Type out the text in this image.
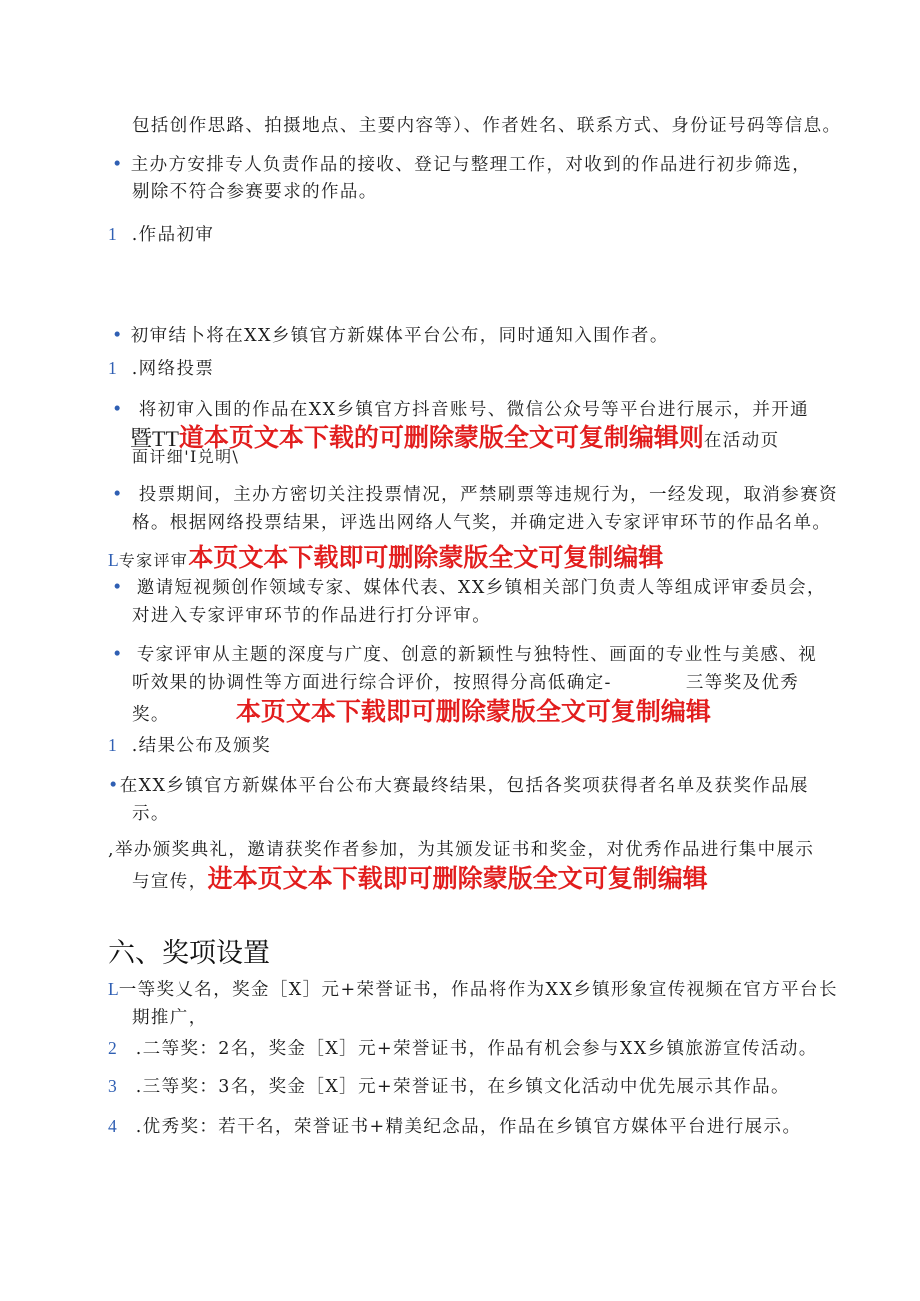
包括创作思路、拍摄地点、主要内容等）、作者姓名、联系方式、身份证号码等信息。
• 主办方安排专人负责作品的接收、登记与整理工作，对收到的作品进行初步筛选，
剔除不符合参赛要求的作品。
1 .作品初审
• 初审结卜将在XX乡镇官方新媒体平台公布，同时通知入围作者。
1 .网络投票
• 将初审入围的作品在XX乡镇官方抖音账号、微信公众号等平台进行展示，并开通
暨TT道本页文本下载的可删除蒙版全文可复制编辑则在活动页
面讦细'I兑明\
• 投票期间，主办方密切关注投票情况，严禁刷票等违规行为，一经发现，取消参赛资
格。根据网络投票结果，评选出网络人气奖，并确定进入专家评审环节的作品名单。
L专家评审本页文本下载即可删除蒙版全文可复制编辑
• 邀请短视频创作领域专家、媒体代表、XX乡镇相关部门负责人等组成评审委员会，
对进入专家评审环节的作品进行打分评审。
• 专家评审从主题的深度与广度、创意的新颖性与独特性、画面的专业性与美感、视
听效果的协调性等方面进行综合评价，按照得分高低确定-	三等奖及优秀
奖。	本页文本下载即可删除蒙版全文可复制编辑
1 .结果公布及颁奖
•在XX乡镇官方新媒体平台公布大赛最终结果，包括各奖项获得者名单及获奖作品展
示。
,举办颁奖典礼，邀请获奖作者参加，为其颁发证书和奖金，对优秀作品进行集中展示
与宣传，进本页文本下载即可删除蒙版全文可复制编辑
六、奖项设置
L一等奖乂名，奖金［X］元+荣誉证书，作品将作为XX乡镇形象宣传视频在官方平台长
期推广，
2 .二等奖：2名，奖金［X］元+荣誉证书，作品有机会参与XX乡镇旅游宣传活动。
3 .三等奖：3名，奖金［X］元+荣誉证书，在乡镇文化活动中优先展示其作品。
4 .优秀奖：若干名，荣誉证书+精美纪念品，作品在乡镇官方媒体平台进行展示。
